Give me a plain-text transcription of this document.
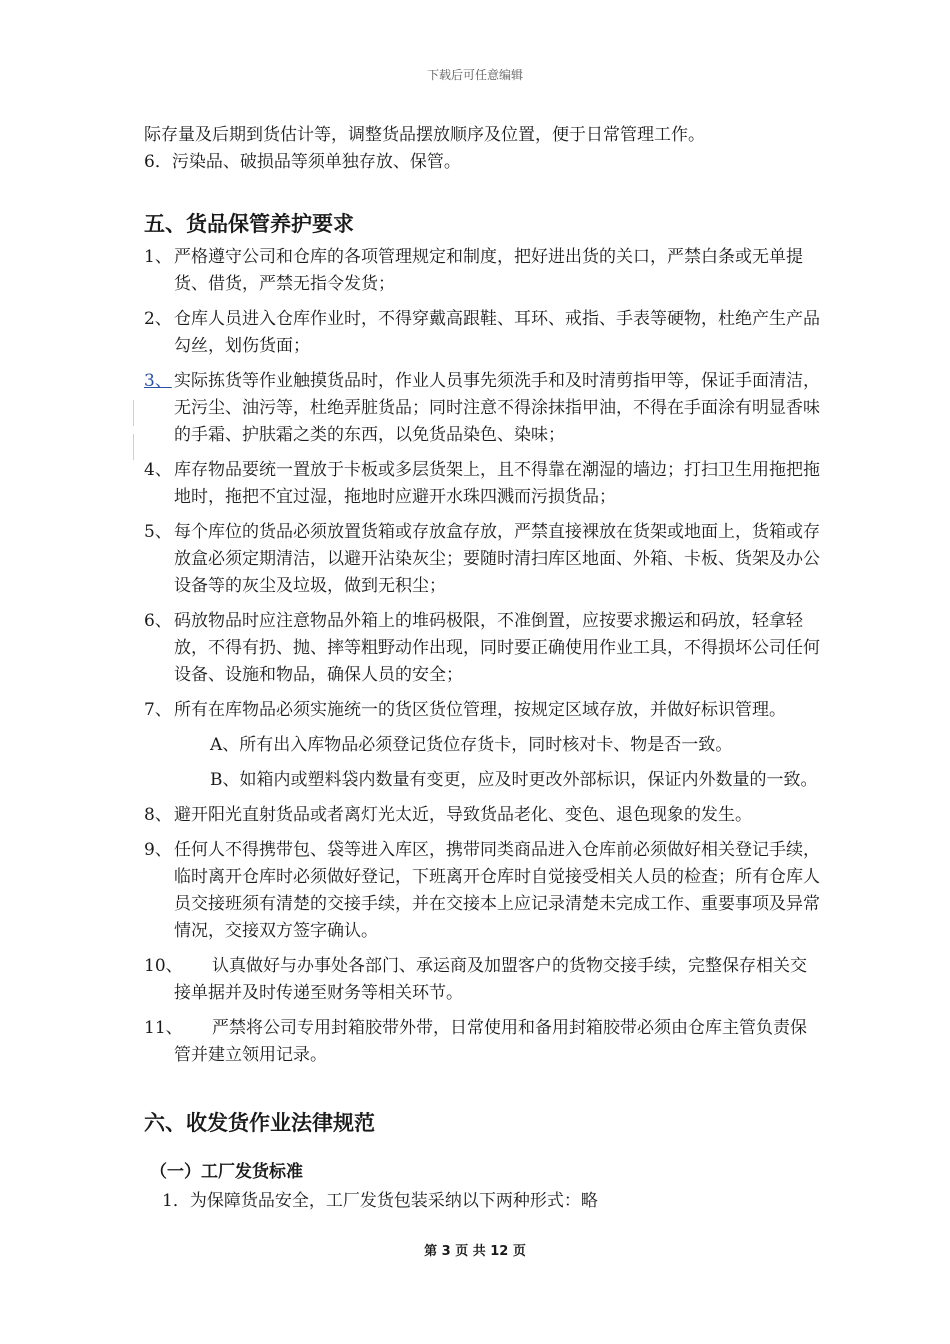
下载后可任意编辑

际存量及后期到货估计等，调整货品摆放顺序及位置，便于日常管理工作。

6．污染品、破损品等须单独存放、保管。

五、货品保管养护要求
1、 严格遵守公司和仓库的各项管理规定和制度，把好进出货的关口，严禁白条或无单提货、借货，严禁无指令发货；
2、 仓库人员进入仓库作业时，不得穿戴高跟鞋、耳环、戒指、手表等硬物，杜绝产生产品勾丝，划伤货面；
3、 实际拣货等作业触摸货品时，作业人员事先须洗手和及时清剪指甲等，保证手面清洁，无污尘、油污等，杜绝弄脏货品；同时注意不得涂抹指甲油，不得在手面涂有明显香味的手霜、护肤霜之类的东西，以免货品染色、染味；
4、 库存物品要统一置放于卡板或多层货架上，且不得靠在潮湿的墙边；打扫卫生用拖把拖地时，拖把不宜过湿，拖地时应避开水珠四溅而污损货品；
5、 每个库位的货品必须放置货箱或存放盒存放，严禁直接裸放在货架或地面上，货箱或存放盒必须定期清洁，以避开沾染灰尘；要随时清扫库区地面、外箱、卡板、货架及办公设备等的灰尘及垃圾，做到无积尘；
6、 码放物品时应注意物品外箱上的堆码极限，不准倒置，应按要求搬运和码放，轻拿轻放，不得有扔、抛、摔等粗野动作出现，同时要正确使用作业工具，不得损坏公司任何设备、设施和物品，确保人员的安全；
7、 所有在库物品必须实施统一的货区货位管理，按规定区域存放，并做好标识管理。
A、所有出入库物品必须登记货位存货卡，同时核对卡、物是否一致。
B、如箱内或塑料袋内数量有变更，应及时更改外部标识，保证内外数量的一致。
8、 避开阳光直射货品或者离灯光太近，导致货品老化、变色、退色现象的发生。
9、 任何人不得携带包、袋等进入库区，携带同类商品进入仓库前必须做好相关登记手续，临时离开仓库时必须做好登记，下班离开仓库时自觉接受相关人员的检查；所有仓库人员交接班须有清楚的交接手续，并在交接本上应记录清楚未完成工作、重要事项及异常情况，交接双方签字确认。
10、 认真做好与办事处各部门、承运商及加盟客户的货物交接手续，完整保存相关交接单据并及时传递至财务等相关环节。
11、 严禁将公司专用封箱胶带外带，日常使用和备用封箱胶带必须由仓库主管负责保管并建立领用记录。
六、收发货作业法律规范
（一）工厂发货标准
1．为保障货品安全，工厂发货包装采纳以下两种形式：略
第 3 页 共 12 页
